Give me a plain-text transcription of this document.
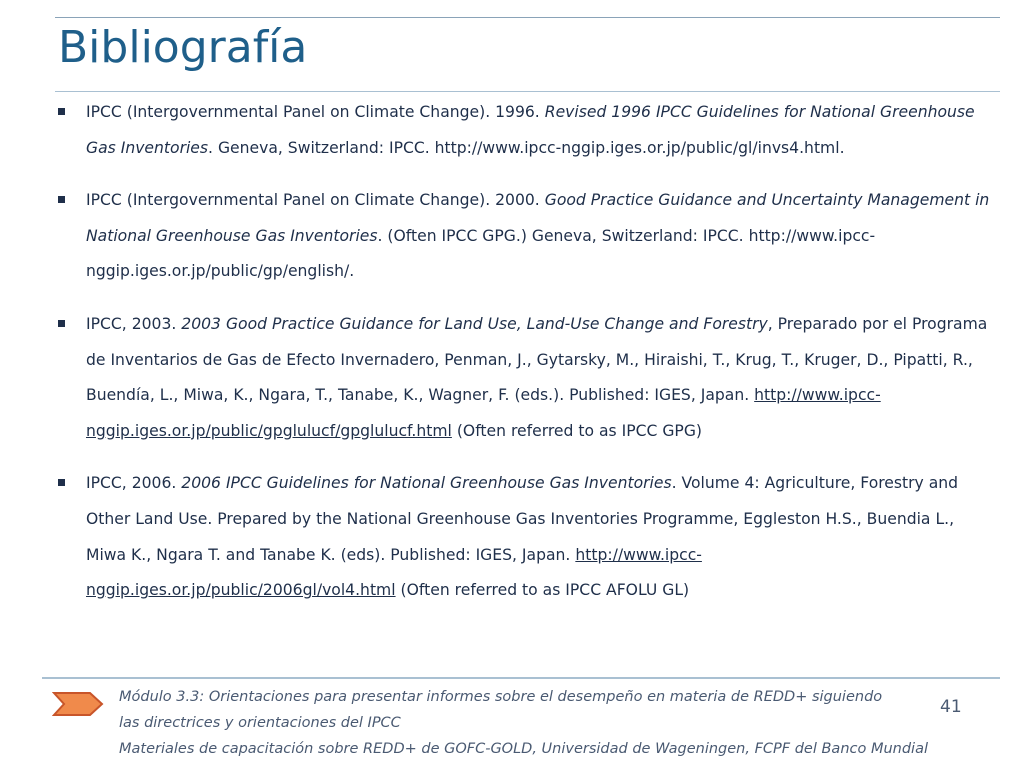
Bibliografía
IPCC (Intergovernmental Panel on Climate Change). 1996. Revised 1996 IPCC Guidelines for National Greenhouse Gas Inventories. Geneva, Switzerland: IPCC. http://www.ipcc-nggip.iges.or.jp/public/gl/invs4.html.
IPCC (Intergovernmental Panel on Climate Change). 2000. Good Practice Guidance and Uncertainty Management in National Greenhouse Gas Inventories. (Often IPCC GPG.) Geneva, Switzerland: IPCC. http://www.ipcc-nggip.iges.or.jp/public/gp/english/.
IPCC, 2003. 2003 Good Practice Guidance for Land Use, Land-Use Change and Forestry, Preparado por el Programa de Inventarios de Gas de Efecto Invernadero, Penman, J., Gytarsky, M., Hiraishi, T., Krug, T., Kruger, D., Pipatti, R., Buendía, L., Miwa, K., Ngara, T., Tanabe, K., Wagner, F. (eds.). Published: IGES, Japan. http://www.ipcc-nggip.iges.or.jp/public/gpglulucf/gpglulucf.html (Often referred to as IPCC GPG)
IPCC, 2006. 2006 IPCC Guidelines for National Greenhouse Gas Inventories. Volume 4: Agriculture, Forestry and Other Land Use. Prepared by the National Greenhouse Gas Inventories Programme, Eggleston H.S., Buendia L., Miwa K., Ngara T. and Tanabe K. (eds). Published: IGES, Japan. http://www.ipcc-nggip.iges.or.jp/public/2006gl/vol4.html (Often referred to as IPCC AFOLU GL)
Módulo 3.3: Orientaciones para presentar informes sobre el desempeño en materia de REDD+ siguiendo
las directrices y orientaciones del IPCC
Materiales de capacitación sobre REDD+ de GOFC-GOLD, Universidad de Wageningen, FCPF del Banco Mundial
41
